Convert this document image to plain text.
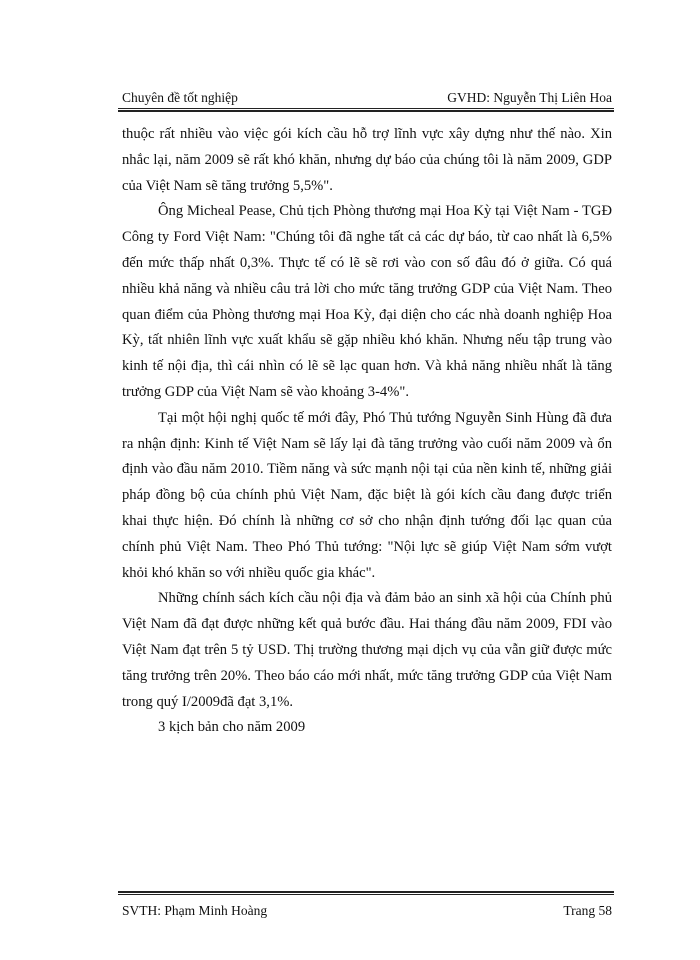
Chuyên đề tốt nghiệp	GVHD: Nguyễn Thị Liên Hoa

thuộc rất nhiều vào việc gói kích cầu hỗ trợ lĩnh vực xây dựng như thế nào. Xin nhắc lại, năm 2009 sẽ rất khó khăn, nhưng dự báo của chúng tôi là năm 2009, GDP của Việt Nam sẽ tăng trưởng 5,5%".

Ông Micheal Pease, Chủ tịch Phòng thương mại Hoa Kỳ tại Việt Nam - TGĐ Công ty Ford Việt Nam: "Chúng tôi đã nghe tất cả các dự báo, từ cao nhất là 6,5% đến mức thấp nhất 0,3%. Thực tế có lẽ sẽ rơi vào con số đâu đó ở giữa. Có quá nhiều khả năng và nhiều câu trả lời cho mức tăng trưởng GDP của Việt Nam. Theo quan điểm của Phòng thương mại Hoa Kỳ, đại diện cho các nhà doanh nghiệp Hoa Kỳ, tất nhiên lĩnh vực xuất khẩu sẽ gặp nhiều khó khăn. Nhưng nếu tập trung vào kinh tế nội địa, thì cái nhìn có lẽ sẽ lạc quan hơn. Và khả năng nhiều nhất là tăng trưởng GDP của Việt Nam sẽ vào khoảng 3-4%".

Tại một hội nghị quốc tế mới đây, Phó Thủ tướng Nguyễn Sinh Hùng đã đưa ra nhận định: Kinh tế Việt Nam sẽ lấy lại đà tăng trưởng vào cuối năm 2009 và ổn định vào đầu năm 2010. Tiềm năng và sức mạnh nội tại của nền kinh tế, những giải pháp đồng bộ của chính phủ Việt Nam, đặc biệt là gói kích cầu đang được triển khai thực hiện. Đó chính là những cơ sở cho nhận định tướng đối lạc quan của chính phủ Việt Nam. Theo Phó Thủ tướng: "Nội lực sẽ giúp Việt Nam sớm vượt khỏi khó khăn so với nhiều quốc gia khác".

Những chính sách kích cầu nội địa và đảm bảo an sinh xã hội của Chính phủ Việt Nam đã đạt được những kết quả bước đầu. Hai tháng đầu năm 2009, FDI vào Việt Nam đạt trên 5 tỷ USD. Thị trường thương mại dịch vụ của vẫn giữ được mức tăng trưởng trên 20%. Theo báo cáo mới nhất, mức tăng trưởng GDP của Việt Nam trong quý I/2009đã đạt 3,1%.

3 kịch bản cho năm 2009

SVTH: Phạm Minh Hoàng	Trang 58
